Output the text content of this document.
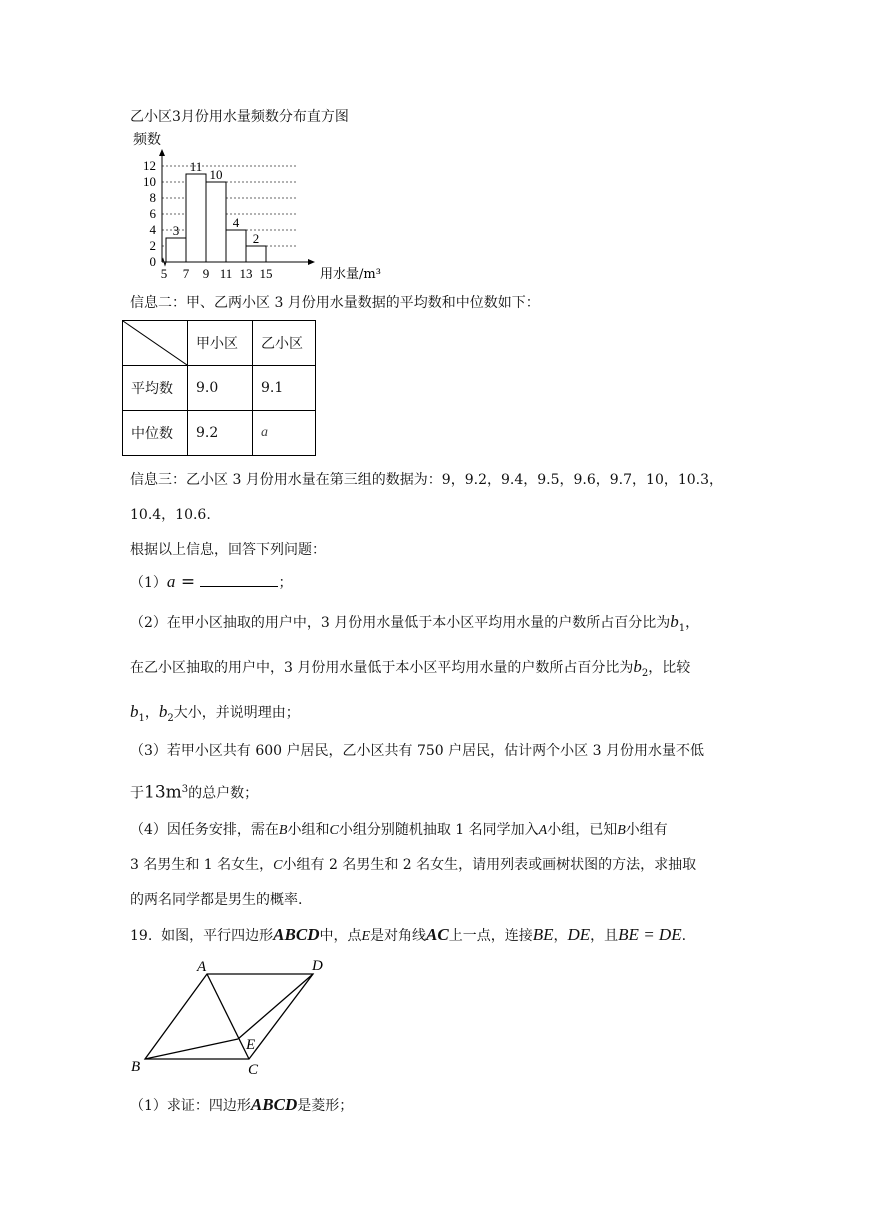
乙小区3月份用水量频数分布直方图
频数
3
11
10
4
2
0
2
4
6
8
10
12
5 7 9 11 13 15	用水量/m³
信息二：甲、乙两小区 3 月份用水量数据的平均数和中位数如下：
	甲小区	乙小区
平均数	9.0	9.1
中位数	9.2	a
信息三：乙小区 3 月份用水量在第三组的数据为：9，9.2，9.4，9.5，9.6，9.7，10，10.3，
10.4，10.6.
根据以上信息，回答下列问题：
（1）a =	；
（2）在甲小区抽取的用户中，3 月份用水量低于本小区平均用水量的户数所占百分比为$b_1$，
在乙小区抽取的用户中，3 月份用水量低于本小区平均用水量的户数所占百分比为$b_2$，比较
$b_1$，$b_2$大小，并说明理由；
（3）若甲小区共有 600 户居民，乙小区共有 750 户居民，估计两个小区 3 月份用水量不低
于$13m^3$的总户数；
（4）因任务安排，需在B小组和C小组分别随机抽取 1 名同学加入A小组，已知B小组有
3 名男生和 1 名女生，C小组有 2 名男生和 2 名女生，请用列表或画树状图的方法，求抽取
的两名同学都是男生的概率.
19. 如图，平行四边形ABCD中，点E是对角线AC上一点，连接BE，DE，且BE = DE.
A	D
B	C
E
（1）求证：四边形ABCD是菱形；
